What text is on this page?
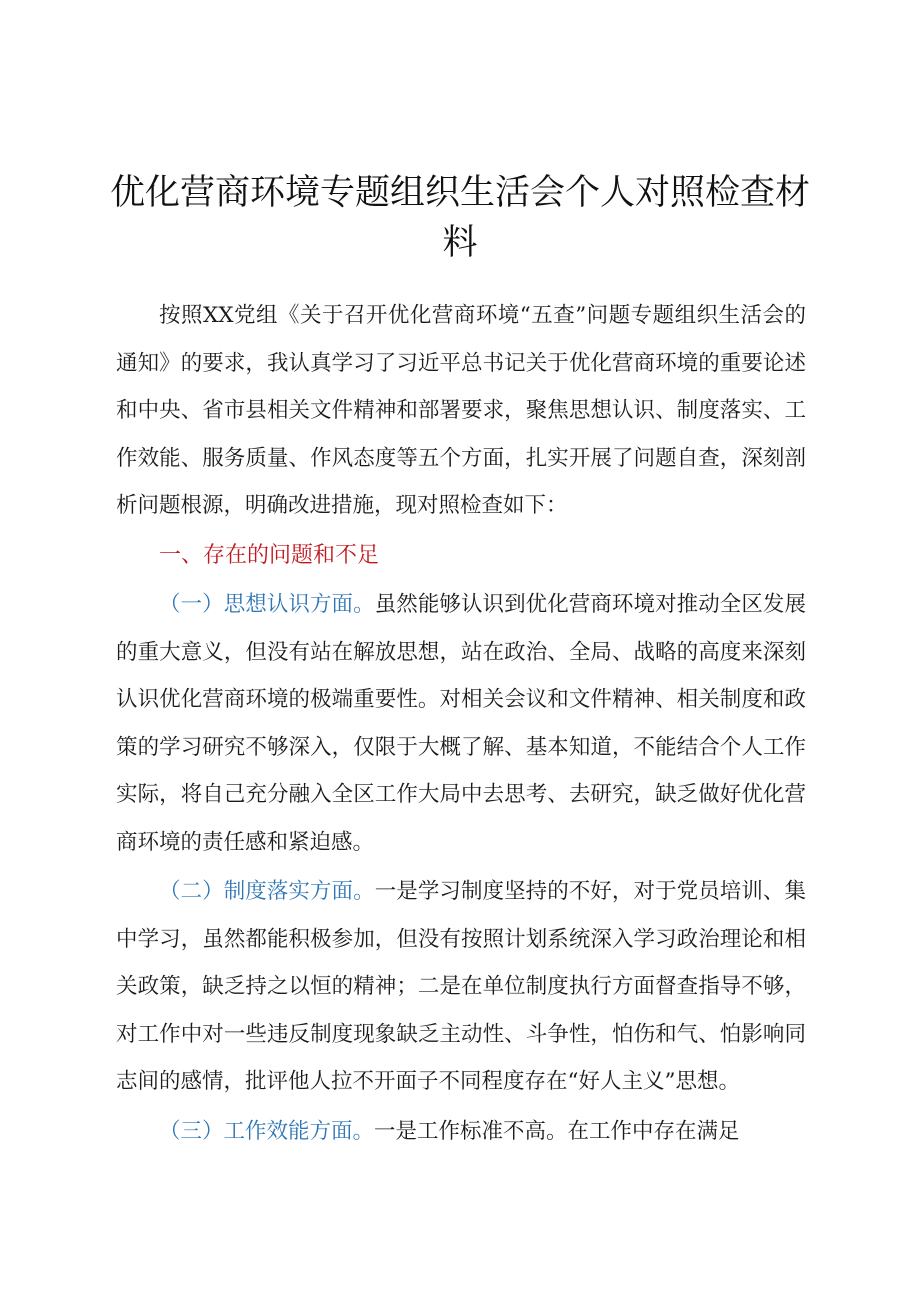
优化营商环境专题组织生活会个人对照检查材料

按照XX党组《关于召开优化营商环境“五查”问题专题组织生活会的通知》的要求，我认真学习了习近平总书记关于优化营商环境的重要论述和中央、省市县相关文件精神和部署要求，聚焦思想认识、制度落实、工作效能、服务质量、作风态度等五个方面，扎实开展了问题自查，深刻剖析问题根源，明确改进措施，现对照检查如下：

一、存在的问题和不足

（一）思想认识方面。虽然能够认识到优化营商环境对推动全区发展的重大意义，但没有站在解放思想，站在政治、全局、战略的高度来深刻认识优化营商环境的极端重要性。对相关会议和文件精神、相关制度和政策的学习研究不够深入，仅限于大概了解、基本知道，不能结合个人工作实际，将自己充分融入全区工作大局中去思考、去研究，缺乏做好优化营商环境的责任感和紧迫感。

（二）制度落实方面。一是学习制度坚持的不好，对于党员培训、集中学习，虽然都能积极参加，但没有按照计划系统深入学习政治理论和相关政策，缺乏持之以恒的精神；二是在单位制度执行方面督查指导不够，对工作中对一些违反制度现象缺乏主动性、斗争性，怕伤和气、怕影响同志间的感情，批评他人拉不开面子不同程度存在“好人主义”思想。

（三）工作效能方面。一是工作标准不高。在工作中存在满足
